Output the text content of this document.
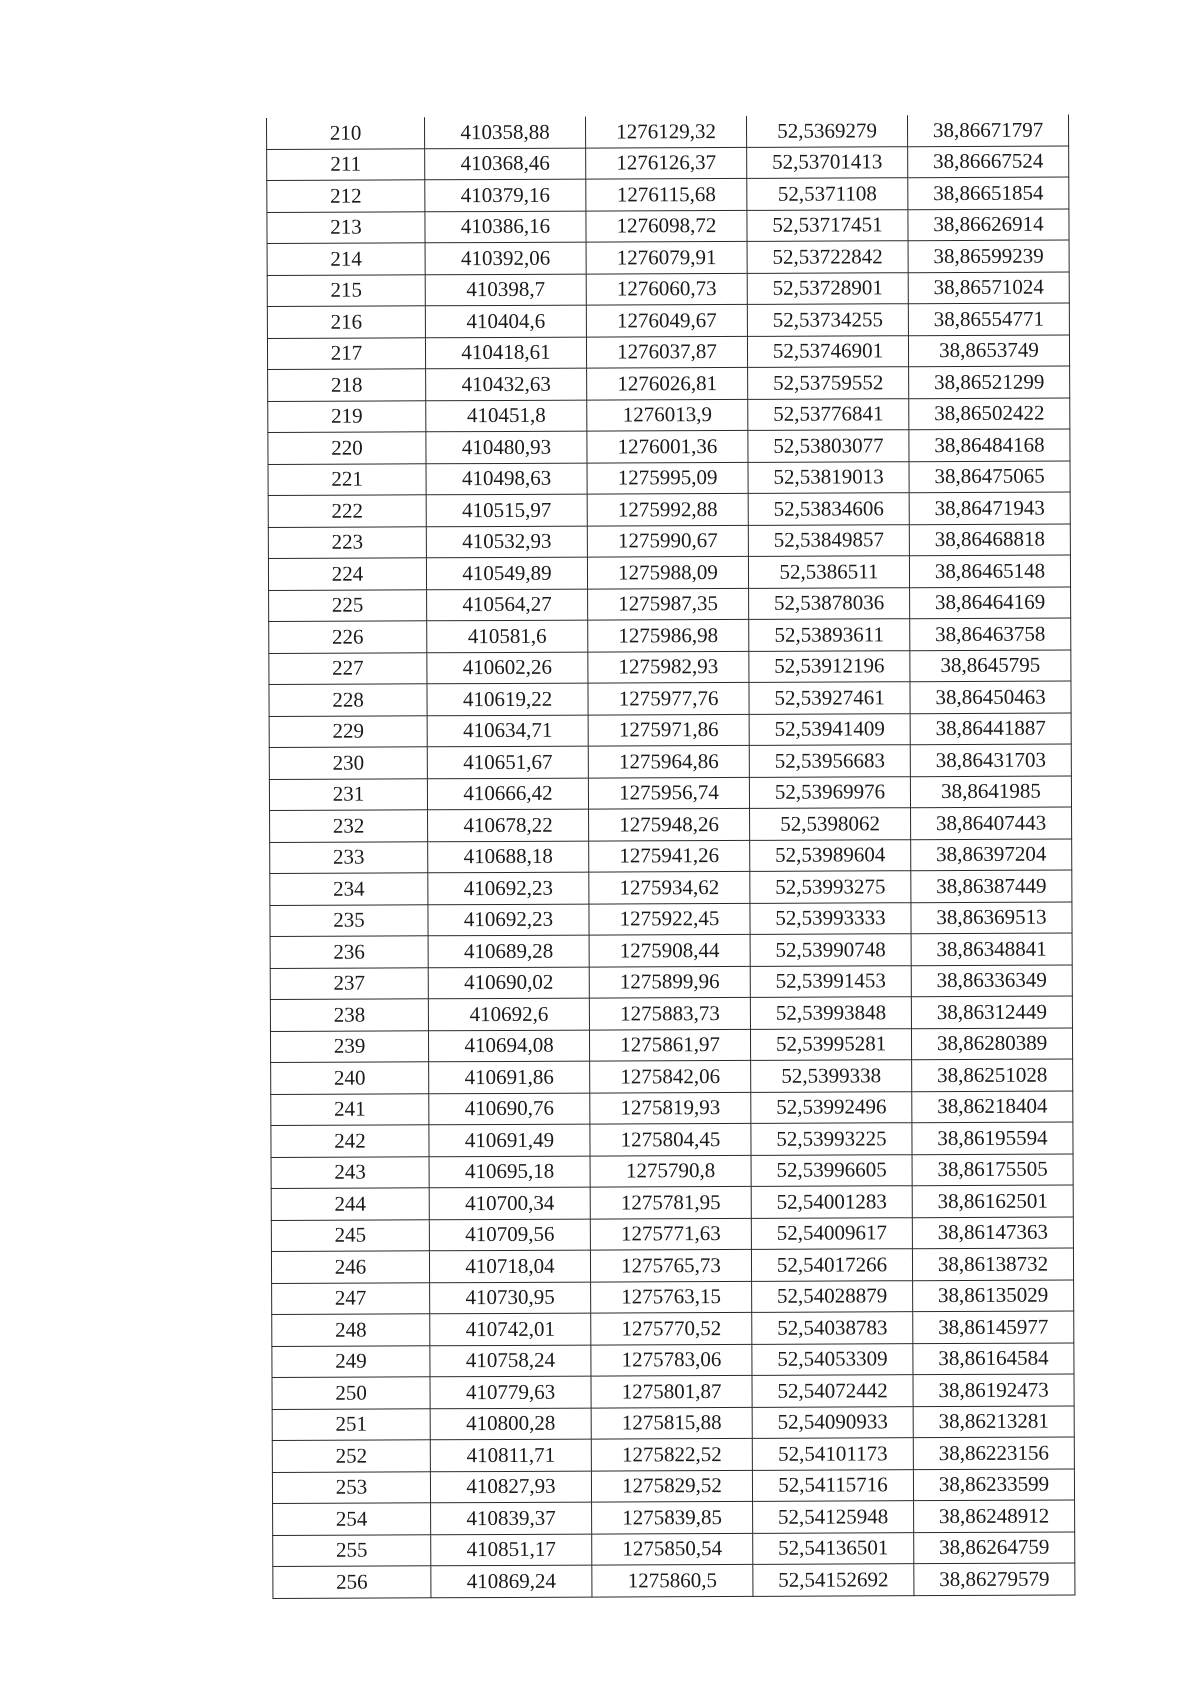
210	410358,88	1276129,32	52,5369279	38,86671797
211	410368,46	1276126,37	52,53701413	38,86667524
212	410379,16	1276115,68	52,5371108	38,86651854
213	410386,16	1276098,72	52,53717451	38,86626914
214	410392,06	1276079,91	52,53722842	38,86599239
215	410398,7	1276060,73	52,53728901	38,86571024
216	410404,6	1276049,67	52,53734255	38,86554771
217	410418,61	1276037,87	52,53746901	38,8653749
218	410432,63	1276026,81	52,53759552	38,86521299
219	410451,8	1276013,9	52,53776841	38,86502422
220	410480,93	1276001,36	52,53803077	38,86484168
221	410498,63	1275995,09	52,53819013	38,86475065
222	410515,97	1275992,88	52,53834606	38,86471943
223	410532,93	1275990,67	52,53849857	38,86468818
224	410549,89	1275988,09	52,5386511	38,86465148
225	410564,27	1275987,35	52,53878036	38,86464169
226	410581,6	1275986,98	52,53893611	38,86463758
227	410602,26	1275982,93	52,53912196	38,8645795
228	410619,22	1275977,76	52,53927461	38,86450463
229	410634,71	1275971,86	52,53941409	38,86441887
230	410651,67	1275964,86	52,53956683	38,86431703
231	410666,42	1275956,74	52,53969976	38,8641985
232	410678,22	1275948,26	52,5398062	38,86407443
233	410688,18	1275941,26	52,53989604	38,86397204
234	410692,23	1275934,62	52,53993275	38,86387449
235	410692,23	1275922,45	52,53993333	38,86369513
236	410689,28	1275908,44	52,53990748	38,86348841
237	410690,02	1275899,96	52,53991453	38,86336349
238	410692,6	1275883,73	52,53993848	38,86312449
239	410694,08	1275861,97	52,53995281	38,86280389
240	410691,86	1275842,06	52,5399338	38,86251028
241	410690,76	1275819,93	52,53992496	38,86218404
242	410691,49	1275804,45	52,53993225	38,86195594
243	410695,18	1275790,8	52,53996605	38,86175505
244	410700,34	1275781,95	52,54001283	38,86162501
245	410709,56	1275771,63	52,54009617	38,86147363
246	410718,04	1275765,73	52,54017266	38,86138732
247	410730,95	1275763,15	52,54028879	38,86135029
248	410742,01	1275770,52	52,54038783	38,86145977
249	410758,24	1275783,06	52,54053309	38,86164584
250	410779,63	1275801,87	52,54072442	38,86192473
251	410800,28	1275815,88	52,54090933	38,86213281
252	410811,71	1275822,52	52,54101173	38,86223156
253	410827,93	1275829,52	52,54115716	38,86233599
254	410839,37	1275839,85	52,54125948	38,86248912
255	410851,17	1275850,54	52,54136501	38,86264759
256	410869,24	1275860,5	52,54152692	38,86279579
